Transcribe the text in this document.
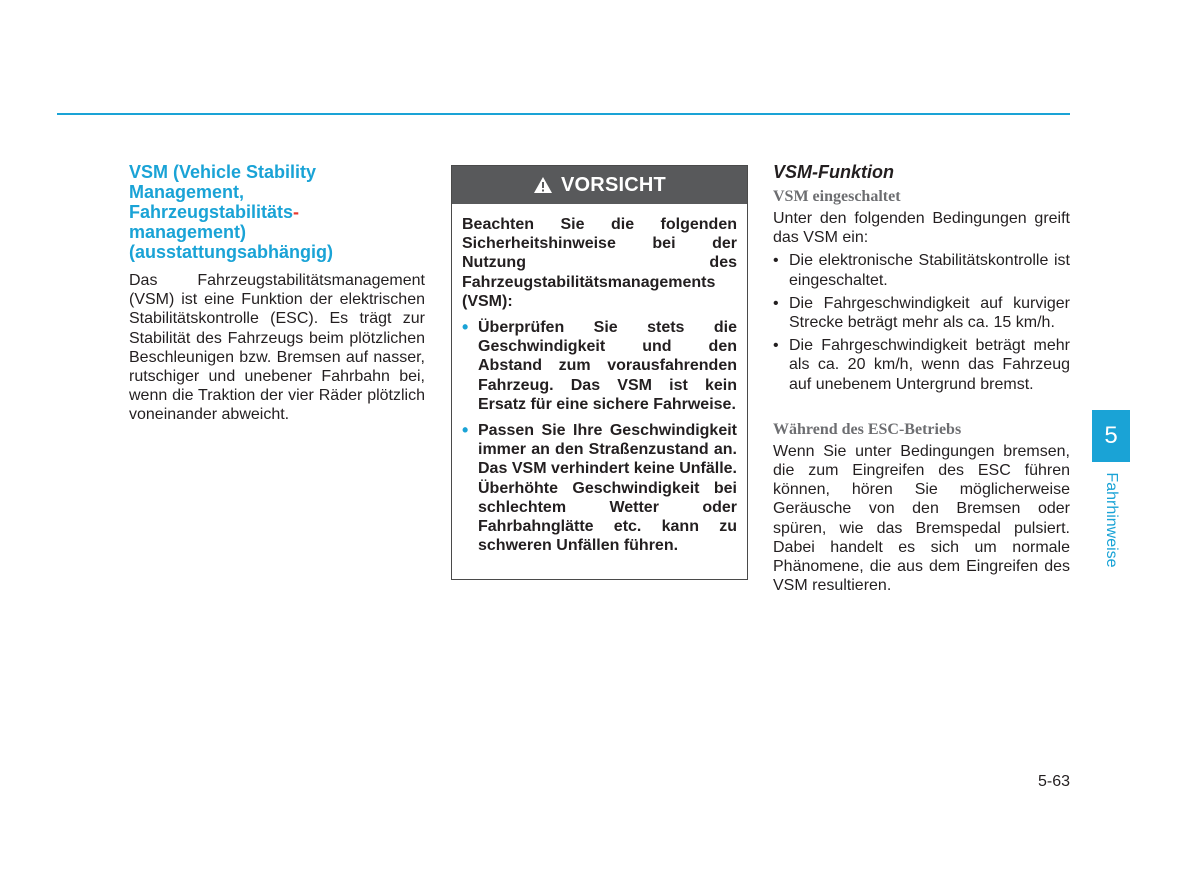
VSM (Vehicle Stability
Management,
Fahrzeugstabilitäts-
management)
(ausstattungsabhängig)

Das Fahrzeugstabilitätsmanagement (VSM) ist eine Funktion der elektrischen Stabilitätskontrolle (ESC). Es trägt zur Stabilität des Fahrzeugs beim plötzlichen Beschleunigen bzw. Bremsen auf nasser, rutschiger und unebener Fahrbahn bei, wenn die Traktion der vier Räder plötzlich voneinander abweicht.

VORSICHT

Beachten Sie die folgenden Sicherheitshinweise bei der Nutzung des Fahrzeugstabilitätsmanagements (VSM):

• Überprüfen Sie stets die Geschwindigkeit und den Abstand zum vorausfahrenden Fahrzeug. Das VSM ist kein Ersatz für eine sichere Fahrweise.
• Passen Sie Ihre Geschwindigkeit immer an den Straßenzustand an. Das VSM verhindert keine Unfälle. Überhöhte Geschwindigkeit bei schlechtem Wetter oder Fahrbahnglätte etc. kann zu schweren Unfällen führen.
VSM-Funktion
VSM eingeschaltet

Unter den folgenden Bedingungen greift das VSM ein:

• Die elektronische Stabilitätskontrolle ist eingeschaltet.
• Die Fahrgeschwindigkeit auf kurviger Strecke beträgt mehr als ca. 15 km/h.
• Die Fahrgeschwindigkeit beträgt mehr als ca. 20 km/h, wenn das Fahrzeug auf unebenem Untergrund bremst.
Während des ESC-Betriebs

Wenn Sie unter Bedingungen bremsen, die zum Eingreifen des ESC führen können, hören Sie möglicherweise Geräusche von den Bremsen oder spüren, wie das Bremspedal pulsiert. Dabei handelt es sich um normale Phänomene, die aus dem Eingreifen des VSM resultieren.

5
Fahrhinweise
5-63
